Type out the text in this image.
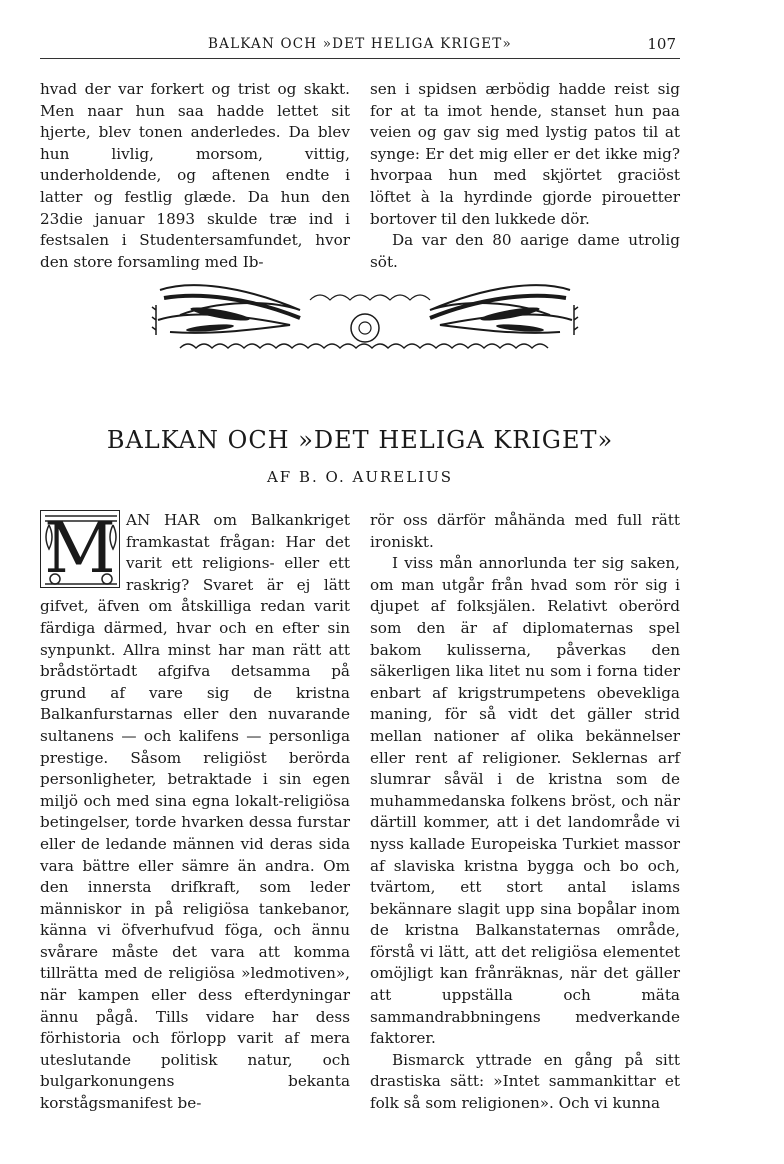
BALKAN OCH »DET HELIGA KRIGET»	107

hvad der var forkert og trist og skakt. Men naar hun saa hadde lettet sit hjerte, blev tonen anderledes. Da blev hun livlig, morsom, vittig, underholdende, og aftenen endte i latter og festlig glæde. Da hun den 23die januar 1893 skulde træ ind i festsalen i Studentersamfundet, hvor den store forsamling med Ib-

sen i spidsen ærbödig hadde reist sig for at ta imot hende, stanset hun paa veien og gav sig med lystig patos til at synge: Er det mig eller er det ikke mig? hvorpaa hun med skjörtet graciöst löftet à la hyrdinde gjorde pirouetter bortover til den lukkede dör.

Da var den 80 aarige dame utrolig söt.

BALKAN OCH »DET HELIGA KRIGET»
AF B. O. AURELIUS
M AN HAR om Balkankriget framkastat frågan: Har det varit ett religions- eller ett raskrig? Svaret är ej lätt gifvet, äfven om åtskilliga redan varit färdiga därmed, hvar och en efter sin synpunkt. Allra minst har man rätt att brådstörtadt afgifva detsamma på grund af vare sig de kristna Balkanfurstarnas eller den nuvarande sultanens — och kalifens — personliga prestige. Såsom religiöst berörda personligheter, betraktade i sin egen miljö och med sina egna lokalt-religiösa betingelser, torde hvarken dessa furstar eller de ledande männen vid deras sida vara bättre eller sämre än andra. Om den innersta drifkraft, som leder människor in på religiösa tankebanor, känna vi öfverhufvud föga, och ännu svårare måste det vara att komma tillrätta med de religiösa »ledmotiven», när kampen eller dess efterdyningar ännu pågå. Tills vidare har dess förhistoria och förlopp varit af mera uteslutande politisk natur, och bulgarkonungens bekanta korstågsmanifest be-

rör oss därför måhända med full rätt ironiskt.

I viss mån annorlunda ter sig saken, om man utgår från hvad som rör sig i djupet af folksjälen. Relativt oberörd som den är af diplomaternas spel bakom kulisserna, påverkas den säkerligen lika litet nu som i forna tider enbart af krigstrumpetens obevekliga maning, för så vidt det gäller strid mellan nationer af olika bekännelser eller rent af religioner. Seklernas arf slumrar såväl i de kristna som de muhammedanska folkens bröst, och när därtill kommer, att i det landområde vi nyss kallade Europeiska Turkiet massor af slaviska kristna bygga och bo och, tvärtom, ett stort antal islams bekännare slagit upp sina bopålar inom de kristna Balkanstaternas område, förstå vi lätt, att det religiösa elementet omöjligt kan frånräknas, när det gäller att uppställa och mäta sammandrabbningens medverkande faktorer.

Bismarck yttrade en gång på sitt drastiska sätt: »Intet sammankittar et folk så som religionen». Och vi kunna
